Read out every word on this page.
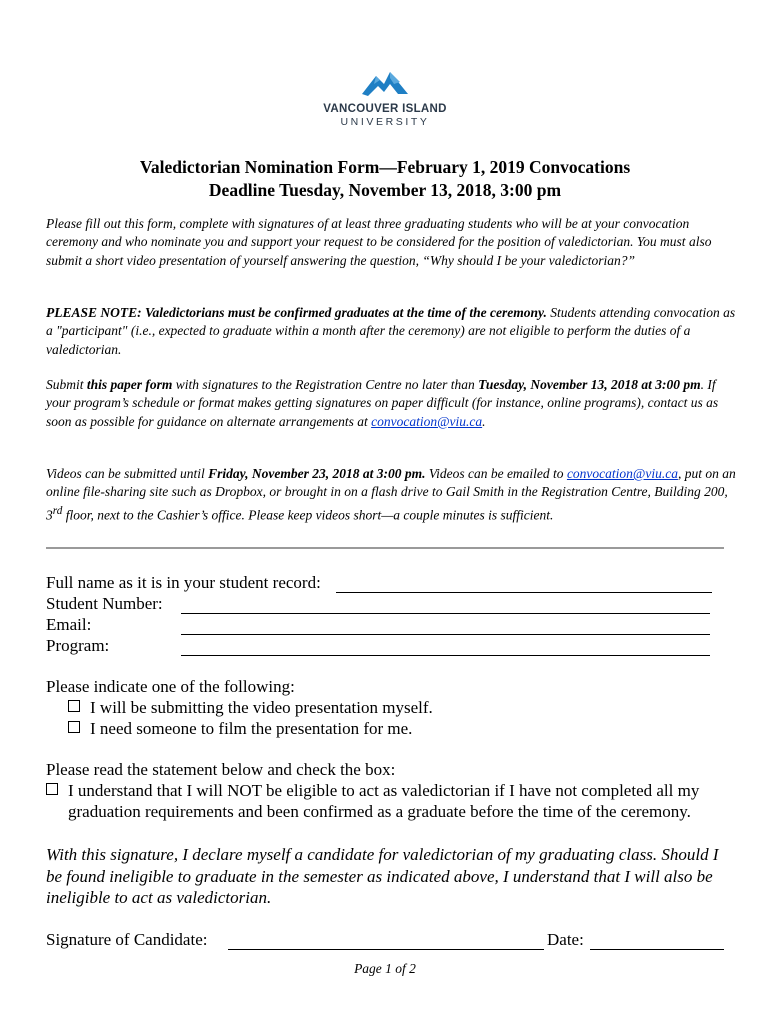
VANCOUVER ISLAND
UNIVERSITY
Valedictorian Nomination Form—February 1, 2019 Convocations
Deadline Tuesday, November 13, 2018, 3:00 pm
Please fill out this form, complete with signatures of at least three graduating students who will be at your convocation ceremony and who nominate you and support your request to be considered for the position of valedictorian. You must also submit a short video presentation of yourself answering the question, “Why should I be your valedictorian?”
PLEASE NOTE: Valedictorians must be confirmed graduates at the time of the ceremony. Students attending convocation as a "participant" (i.e., expected to graduate within a month after the ceremony) are not eligible to perform the duties of a valedictorian.
Submit this paper form with signatures to the Registration Centre no later than Tuesday, November 13, 2018 at 3:00 pm. If your program’s schedule or format makes getting signatures on paper difficult (for instance, online programs), contact us as soon as possible for guidance on alternate arrangements at convocation@viu.ca.
Videos can be submitted until Friday, November 23, 2018 at 3:00 pm. Videos can be emailed to convocation@viu.ca, put on an online file-sharing site such as Dropbox, or brought in on a flash drive to Gail Smith in the Registration Centre, Building 200, 3rd floor, next to the Cashier’s office. Please keep videos short—a couple minutes is sufficient.
Full name as it is in your student record:
Student Number:
Email:
Program:
Please indicate one of the following:
I will be submitting the video presentation myself.
I need someone to film the presentation for me.
Please read the statement below and check the box:
I understand that I will NOT be eligible to act as valedictorian if I have not completed all my
graduation requirements and been confirmed as a graduate before the time of the ceremony.
With this signature, I declare myself a candidate for valedictorian of my graduating class. Should I be found ineligible to graduate in the semester as indicated above, I understand that I will also be ineligible to act as valedictorian.
Signature of Candidate:	Date:
Page 1 of 2
